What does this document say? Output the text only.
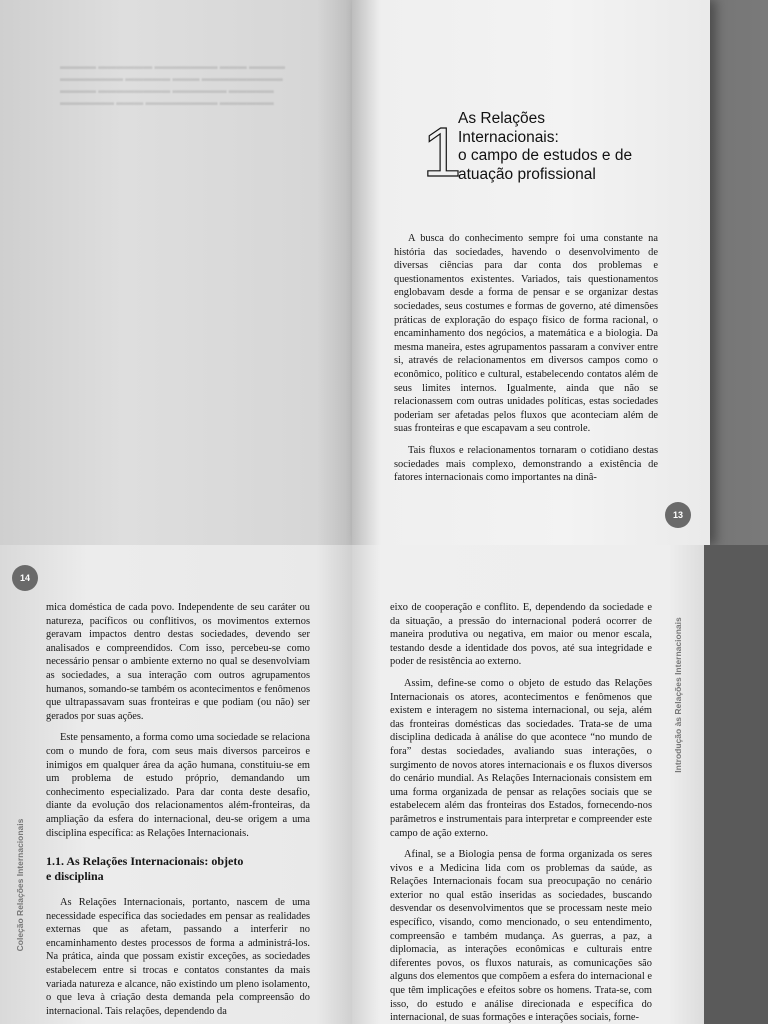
▬▬▬▬ ▬▬▬▬▬▬ ▬▬▬▬▬▬▬ ▬▬▬ ▬▬▬▬
▬▬▬▬▬▬▬ ▬▬▬▬▬ ▬▬▬ ▬▬▬▬▬▬▬▬▬
▬▬▬▬ ▬▬▬▬▬▬▬▬ ▬▬▬▬▬▬ ▬▬▬▬▬
▬▬▬▬▬▬ ▬▬▬ ▬▬▬▬▬▬▬▬ ▬▬▬▬▬▬
1
As Relações
Internacionais:
o campo de estudos e de
atuação profissional

A busca do conhecimento sempre foi uma constante na história das sociedades, havendo o desenvolvimento de diversas ciências para dar conta dos problemas e questionamentos existentes. Variados, tais questionamentos englobavam desde a forma de pensar e se organizar destas sociedades, seus costumes e formas de governo, até dimensões práticas de exploração do espaço físico de forma racional, o encaminhamento dos negócios, a matemática e a biologia. Da mesma maneira, estes agrupamentos passaram a conviver entre si, através de relacionamentos em diversos campos como o econômico, político e cultural, estabelecendo contatos além de seus limites internos. Igualmente, ainda que não se relacionassem com outras unidades políticas, estas sociedades poderiam ser afetadas pelos fluxos que aconteciam além de suas fronteiras e que escapavam a seu controle.

Tais fluxos e relacionamentos tornaram o cotidiano destas sociedades mais complexo, demonstrando a existência de fatores internacionais como importantes na dinâ-

13
14
Coleção Relações Internacionais

mica doméstica de cada povo. Independente de seu caráter ou natureza, pacíficos ou conflitivos, os movimentos externos geravam impactos dentro destas sociedades, devendo ser analisados e compreendidos. Com isso, percebeu-se como necessário pensar o ambiente externo no qual se desenvolviam as sociedades, a sua interação com outros agrupamentos humanos, somando-se também os acontecimentos e fenômenos que ultrapassavam suas fronteiras e que podiam (ou não) ser gerados por suas ações.

Este pensamento, a forma como uma sociedade se relaciona com o mundo de fora, com seus mais diversos parceiros e inimigos em qualquer área da ação humana, constituiu-se em um problema de estudo próprio, demandando um conhecimento especializado. Para dar conta deste desafio, diante da evolução dos relacionamentos além-fronteiras, da ampliação da esfera do internacional, deu-se origem a uma disciplina específica: as Relações Internacionais.

1.1. As Relações Internacionais: objeto
e disciplina

As Relações Internacionais, portanto, nascem de uma necessidade específica das sociedades em pensar as realidades externas que as afetam, passando a interferir no encaminhamento destes processos de forma a administrá-los. Na prática, ainda que possam existir exceções, as sociedades estabelecem entre si trocas e contatos constantes da mais variada natureza e alcance, não existindo um pleno isolamento, o que leva à criação desta demanda pela compreensão do internacional. Tais relações, dependendo da

eixo de cooperação e conflito. E, dependendo da sociedade e da situação, a pressão do internacional poderá ocorrer de maneira produtiva ou negativa, em maior ou menor escala, testando desde a identidade dos povos, até sua integridade e poder de resistência ao externo.

Assim, define-se como o objeto de estudo das Relações Internacionais os atores, acontecimentos e fenômenos que existem e interagem no sistema internacional, ou seja, além das fronteiras domésticas das sociedades. Trata-se de uma disciplina dedicada à análise do que acontece “no mundo de fora” destas sociedades, avaliando suas interações, o surgimento de novos atores internacionais e os fluxos diversos do cenário mundial. As Relações Internacionais consistem em uma forma organizada de pensar as relações sociais que se estabelecem além das fronteiras dos Estados, fornecendo-nos parâmetros e instrumentais para interpretar e compreender este campo de ação externo.

Afinal, se a Biologia pensa de forma organizada os seres vivos e a Medicina lida com os problemas da saúde, as Relações Internacionais focam sua preocupação no cenário exterior no qual estão inseridas as sociedades, buscando desvendar os desenvolvimentos que se processam neste meio específico, visando, como mencionado, o seu entendimento, compreensão e também mudança. As guerras, a paz, a diplomacia, as interações econômicas e culturais entre diferentes povos, os fluxos naturais, as comunicações são alguns dos elementos que compõem a esfera do internacional e que têm implicações e efeitos sobre os homens. Trata-se, com isso, do estudo e análise direcionada e específica do internacional, de suas formações e interações sociais, forne-

Introdução às Relações Internacionais
